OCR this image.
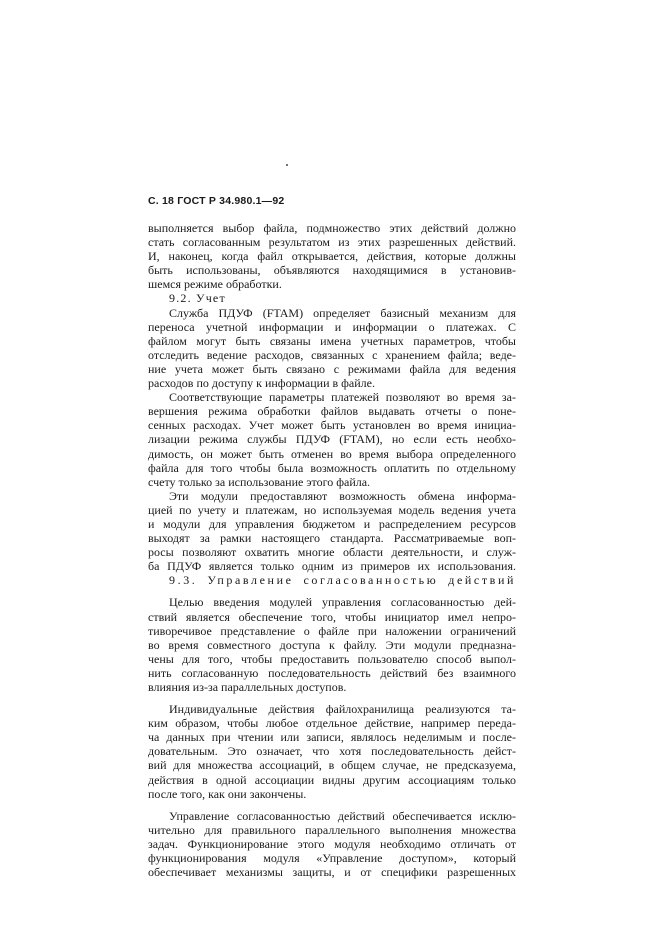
С. 18 ГОСТ Р 34.980.1—92
выполняется выбор файла, подмножество этих действий должно
стать согласованным результатом из этих разрешенных действий.
И, наконец, когда файл открывается, действия, которые должны
быть использованы, объявляются находящимися в установив-
шемся режиме обработки.
9.2. Учет
Служба ПДУФ (FTAM) определяет базисный механизм для
переноса учетной информации и информации о платежах. С
файлом могут быть связаны имена учетных параметров, чтобы
отследить ведение расходов, связанных с хранением файла; веде-
ние учета может быть связано с режимами файла для ведения
расходов по доступу к информации в файле.
Соответствующие параметры платежей позволяют во время за-
вершения режима обработки файлов выдавать отчеты о поне-
сенных расходах. Учет может быть установлен во время инициа-
лизации режима службы ПДУФ (FTAM), но если есть необхо-
димость, он может быть отменен во время выбора определенного
файла для того чтобы была возможность оплатить по отдельному
счету только за использование этого файла.
Эти модули предоставляют возможность обмена информа-
цией по учету и платежам, но используемая модель ведения учета
и модули для управления бюджетом и распределением ресурсов
выходят за рамки настоящего стандарта. Рассматриваемые воп-
росы позволяют охватить многие области деятельности, и служ-
ба ПДУФ является только одним из примеров их использования.
9.3. Управление согласованностью действий
Целью введения модулей управления согласованностью дей-
ствий является обеспечение того, чтобы инициатор имел непро-
тиворечивое представление о файле при наложении ограничений
во время совместного доступа к файлу. Эти модули предназна-
чены для того, чтобы предоставить пользователю способ выпол-
нить согласованную последовательность действий без взаимного
влияния из-за параллельных доступов.
Индивидуальные действия файлохранилища реализуются та-
ким образом, чтобы любое отдельное действие, например переда-
ча данных при чтении или записи, являлось неделимым и после-
довательным. Это означает, что хотя последовательность дейст-
вий для множества ассоциаций, в общем случае, не предсказуема,
действия в одной ассоциации видны другим ассоциациям только
после того, как они закончены.
Управление согласованностью действий обеспечивается исклю-
чительно для правильного параллельного выполнения множества
задач. Функционирование этого модуля необходимо отличать от
функционирования модуля «Управление доступом», который
обеспечивает механизмы защиты, и от специфики разрешенных
